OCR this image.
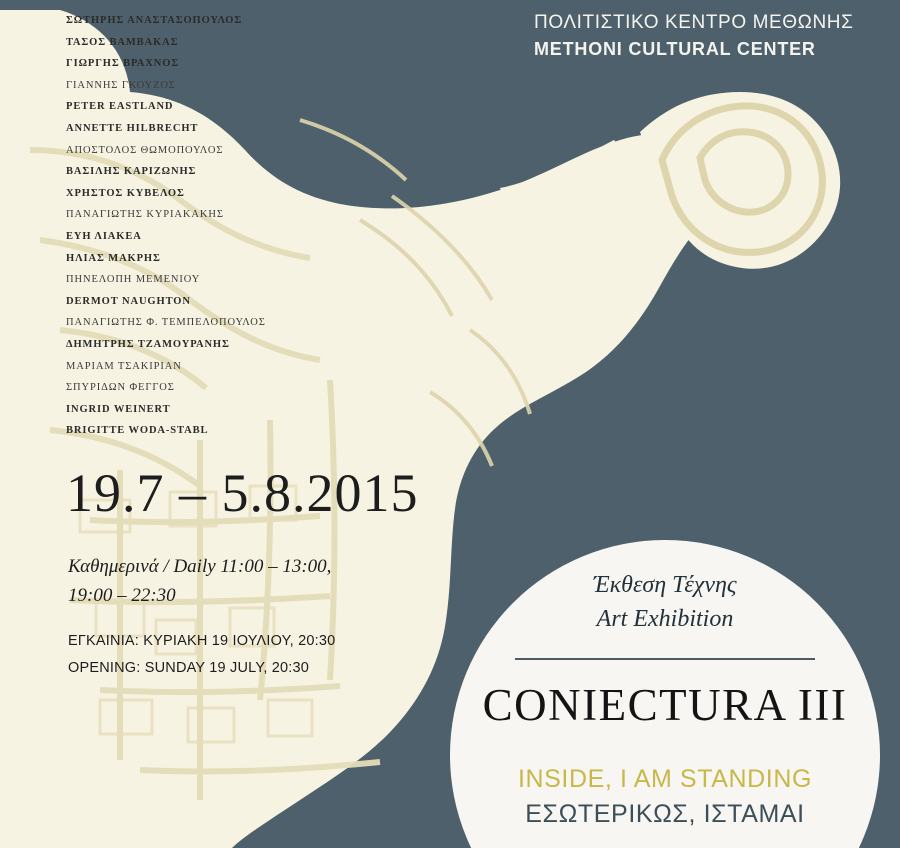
ΠΟΛΙΤΙΣΤΙΚΟ ΚΕΝΤΡΟ ΜΕΘΩΝΗΣ
METHONI CULTURAL CENTER
ΣΩΤΗΡΗΣ ΑΝΑΣΤΑΣΟΠΟΥΛΟΣ
ΤΑΣΟΣ ΒΑΜΒΑΚΑΣ
ΓΙΩΡΓΗΣ ΒΡΑΧΝΟΣ
ΓΙΑΝΝΗΣ ΓΚΟΥΖΟΣ
PETER EASTLAND
ANNETTE HILBRECHT
ΑΠΟΣΤΟΛΟΣ ΘΩΜΟΠΟΥΛΟΣ
ΒΑΣΙΛΗΣ ΚΑΡΙΖΩΝΗΣ
ΧΡΗΣΤΟΣ ΚΥΒΕΛΟΣ
ΠΑΝΑΓΙΩΤΗΣ ΚΥΡΙΑΚΑΚΗΣ
ΕΥΗ ΛΙΑΚΕΑ
ΗΛΙΑΣ ΜΑΚΡΗΣ
ΠΗΝΕΛΟΠΗ ΜΕΜΕΝΙΟΥ
DERMOT NAUGHTON
ΠΑΝΑΓΙΩΤΗΣ Φ. ΤΕΜΠΕΛΟΠΟΥΛΟΣ
ΔΗΜΗΤΡΗΣ ΤΖΑΜΟΥΡΑΝΗΣ
ΜΑΡΙΑΜ ΤΣΑΚΙΡΙΑΝ
ΣΠΥΡΙΔΩΝ ΦΕΓΓΟΣ
INGRID WEINERT
BRIGITTE WODA-STABL
19.7 – 5.8.2015
Καθημερινά / Daily 11:00 – 13:00,
19:00 – 22:30
ΕΓΚΑΙΝΙΑ: ΚΥΡΙΑΚΗ 19 ΙΟΥΛΙΟΥ, 20:30
OPENING: SUNDAY 19 JULY, 20:30
Έκθεση Τέχνης
Art Exhibition
CONIECTURA III
INSIDE, I AM STANDING
ΕΣΩΤΕΡΙΚΩΣ, ΙΣΤΑΜΑΙ
